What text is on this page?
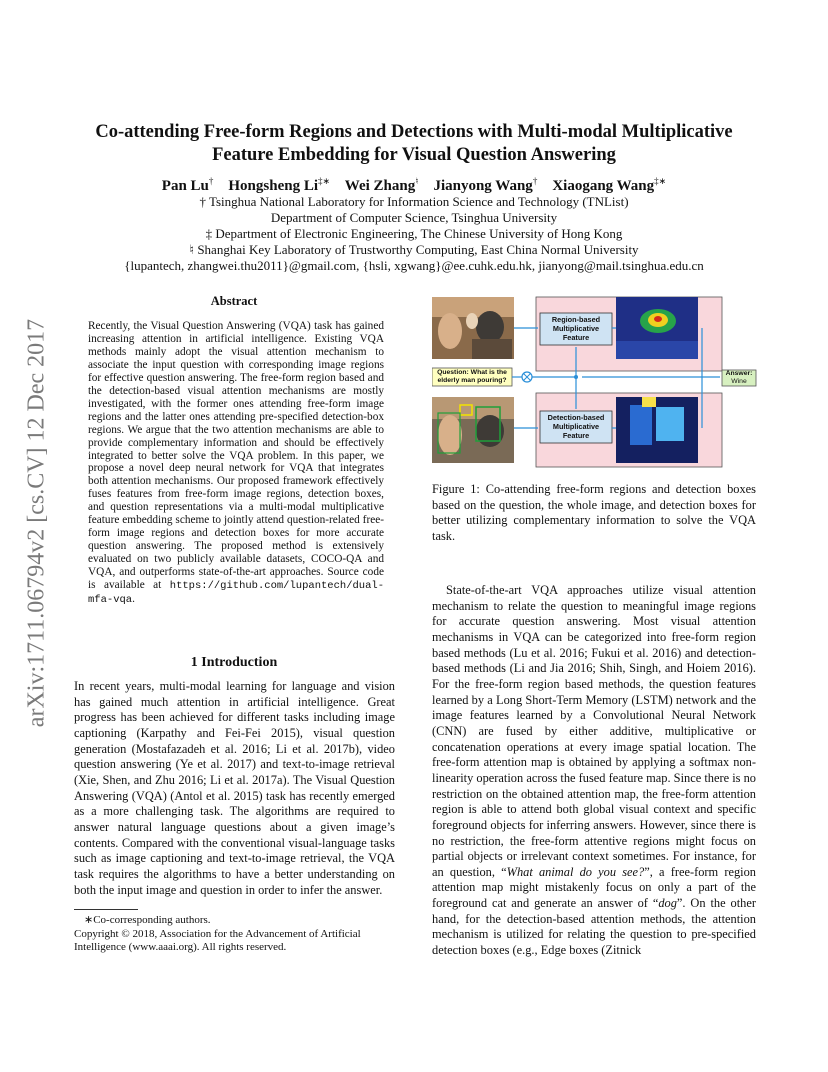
arXiv:1711.06794v2 [cs.CV] 12 Dec 2017
Co-attending Free-form Regions and Detections with Multi-modal Multiplicative
Feature Embedding for Visual Question Answering
Pan Lu† Hongsheng Li‡∗ Wei Zhang♮ Jianyong Wang† Xiaogang Wang‡∗
† Tsinghua National Laboratory for Information Science and Technology (TNList)
Department of Computer Science, Tsinghua University
‡ Department of Electronic Engineering, The Chinese University of Hong Kong
♮ Shanghai Key Laboratory of Trustworthy Computing, East China Normal University
{lupantech, zhangwei.thu2011}@gmail.com, {hsli, xgwang}@ee.cuhk.edu.hk, jianyong@mail.tsinghua.edu.cn
Abstract
Recently, the Visual Question Answering (VQA) task has gained increasing attention in artificial intelligence. Existing VQA methods mainly adopt the visual attention mechanism to associate the input question with corresponding image regions for effective question answering. The free-form region based and the detection-based visual attention mechanisms are mostly investigated, with the former ones attending free-form image regions and the latter ones attending pre-specified detection-box regions. We argue that the two attention mechanisms are able to provide complementary information and should be effectively integrated to better solve the VQA problem. In this paper, we propose a novel deep neural network for VQA that integrates both attention mechanisms. Our proposed framework effectively fuses features from free-form image regions, detection boxes, and question representations via a multi-modal multiplicative feature embedding scheme to jointly attend question-related free-form image regions and detection boxes for more accurate question answering. The proposed method is extensively evaluated on two publicly available datasets, COCO-QA and VQA, and outperforms state-of-the-art approaches. Source code is available at https://github.com/lupantech/dual-mfa-vqa.
1 Introduction
In recent years, multi-modal learning for language and vision has gained much attention in artificial intelligence. Great progress has been achieved for different tasks including image captioning (Karpathy and Fei-Fei 2015), visual question generation (Mostafazadeh et al. 2016; Li et al. 2017b), video question answering (Ye et al. 2017) and text-to-image retrieval (Xie, Shen, and Zhu 2016; Li et al. 2017a). The Visual Question Answering (VQA) (Antol et al. 2015) task has recently emerged as a more challenging task. The algorithms are required to answer natural language questions about a given image’s contents. Compared with the conventional visual-language tasks such as image captioning and text-to-image retrieval, the VQA task requires the algorithms to have a better understanding on both the input image and question in order to infer the answer.
∗Co-corresponding authors.
Copyright © 2018, Association for the Advancement of Artificial Intelligence (www.aaai.org). All rights reserved.
Region-based Multiplicative Feature
Detection-based Multiplicative Feature
Question: What is the elderly man pouring?
Answer:
Wine
Figure 1: Co-attending free-form regions and detection boxes based on the question, the whole image, and detection boxes for better utilizing complementary information to solve the VQA task.
State-of-the-art VQA approaches utilize visual attention mechanism to relate the question to meaningful image regions for accurate question answering. Most visual attention mechanisms in VQA can be categorized into free-form region based methods (Lu et al. 2016; Fukui et al. 2016) and detection-based methods (Li and Jia 2016; Shih, Singh, and Hoiem 2016). For the free-form region based methods, the question features learned by a Long Short-Term Memory (LSTM) network and the image features learned by a Convolutional Neural Network (CNN) are fused by either additive, multiplicative or concatenation operations at every image spatial location. The free-form attention map is obtained by applying a softmax non-linearity operation across the fused feature map. Since there is no restriction on the obtained attention map, the free-form attention region is able to attend both global visual context and specific foreground objects for inferring answers. However, since there is no restriction, the free-form attentive regions might focus on partial objects or irrelevant context sometimes. For instance, for an question, “What animal do you see?”, a free-form region attention map might mistakenly focus on only a part of the foreground cat and generate an answer of “dog”. On the other hand, for the detection-based attention methods, the attention mechanism is utilized for relating the question to pre-specified detection boxes (e.g., Edge boxes (Zitnick
